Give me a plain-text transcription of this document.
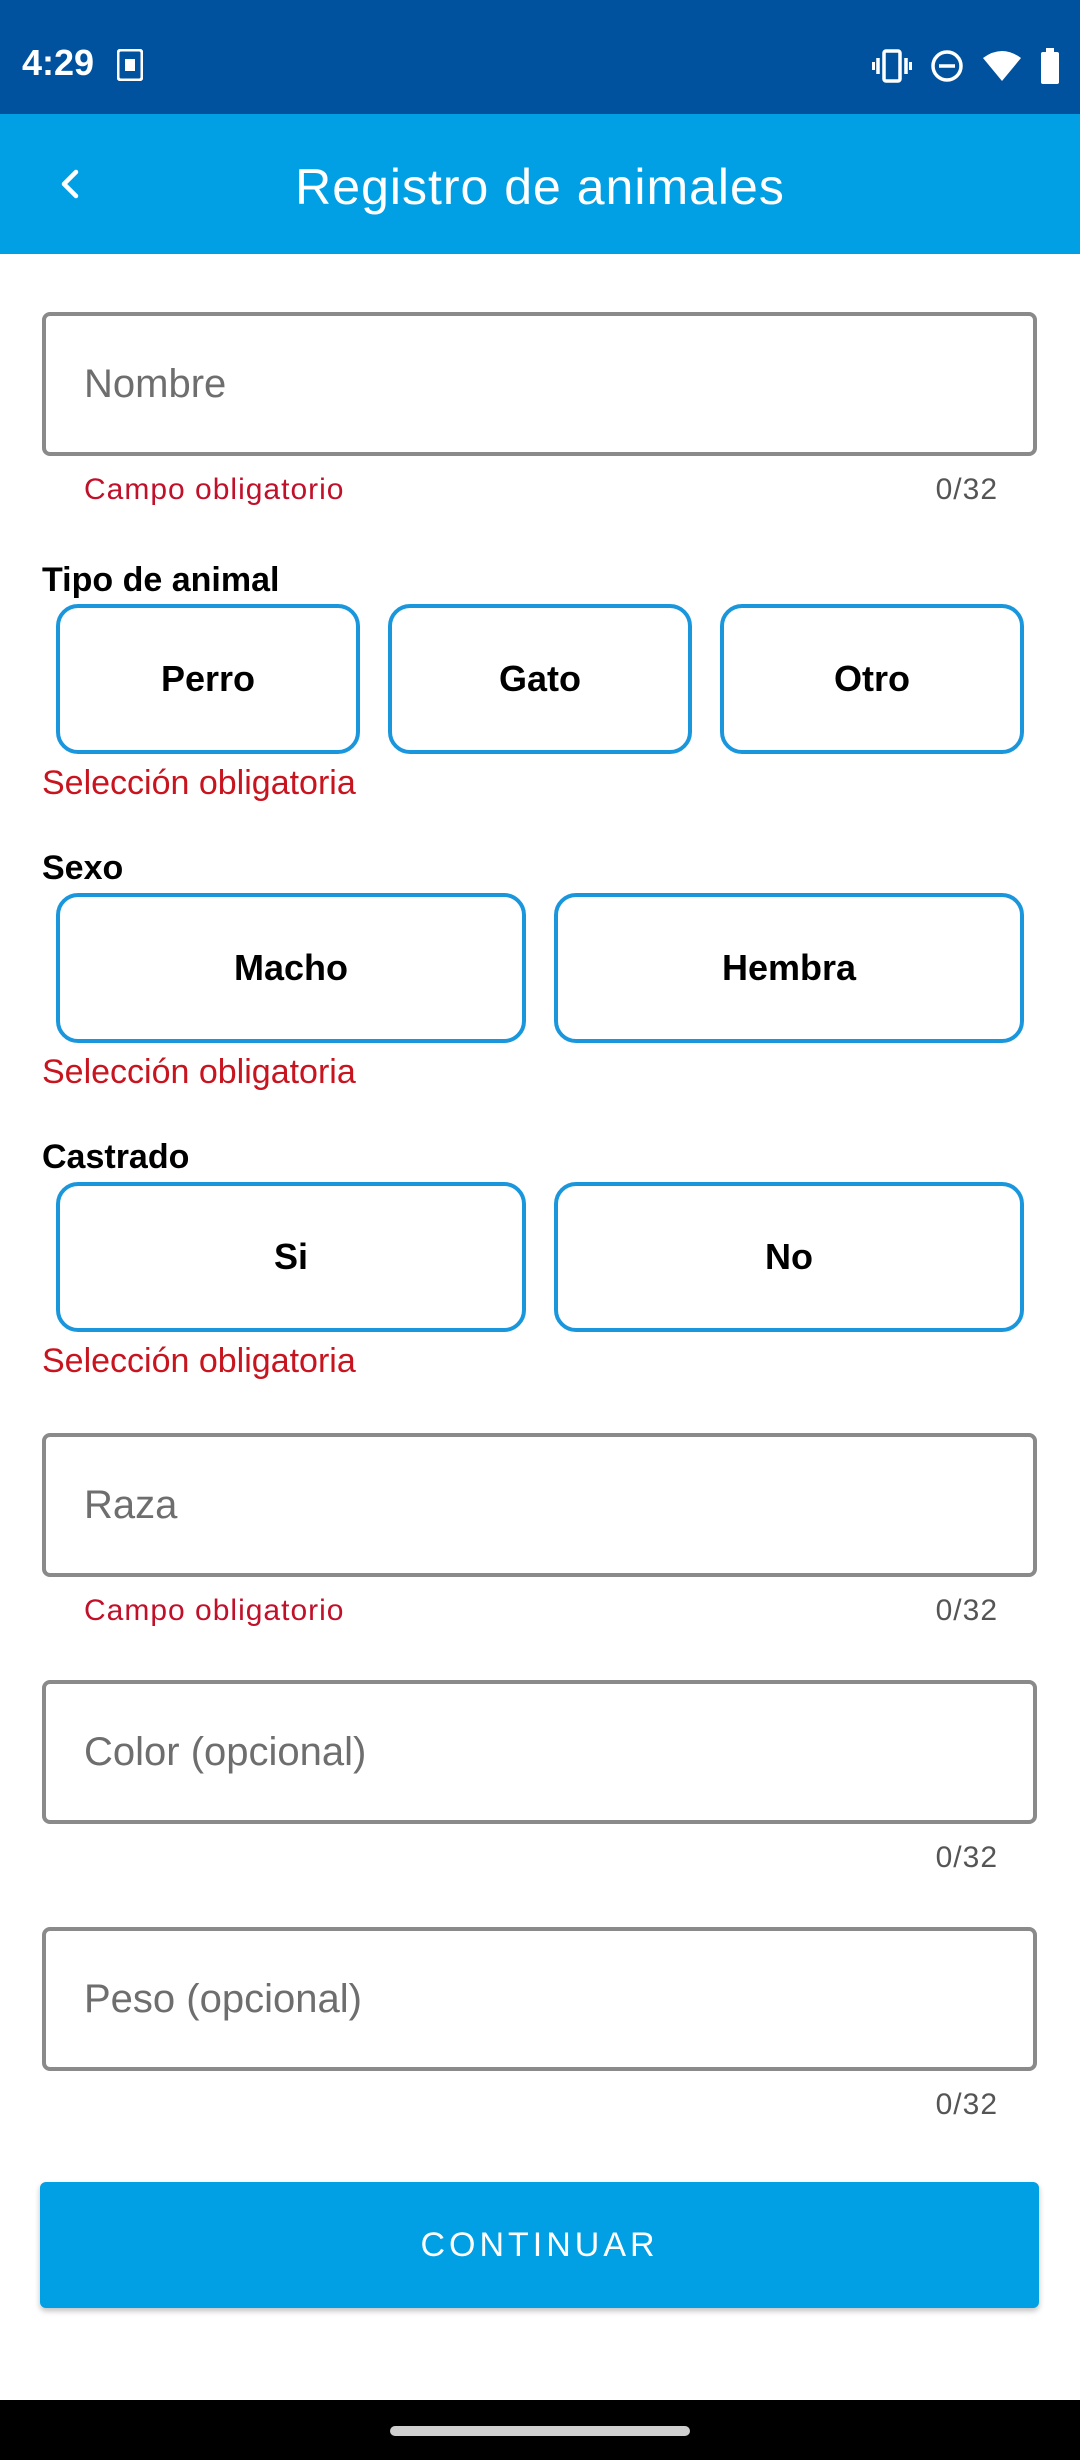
4:29
Registro de animales
Nombre
Campo obligatorio	0/32
Tipo de animal
Perro	Gato	Otro
Selección obligatoria
Sexo
Macho	Hembra
Selección obligatoria
Castrado
Si	No
Selección obligatoria
Raza
Campo obligatorio	0/32
Color (opcional)
0/32
Peso (opcional)
0/32
CONTINUAR
